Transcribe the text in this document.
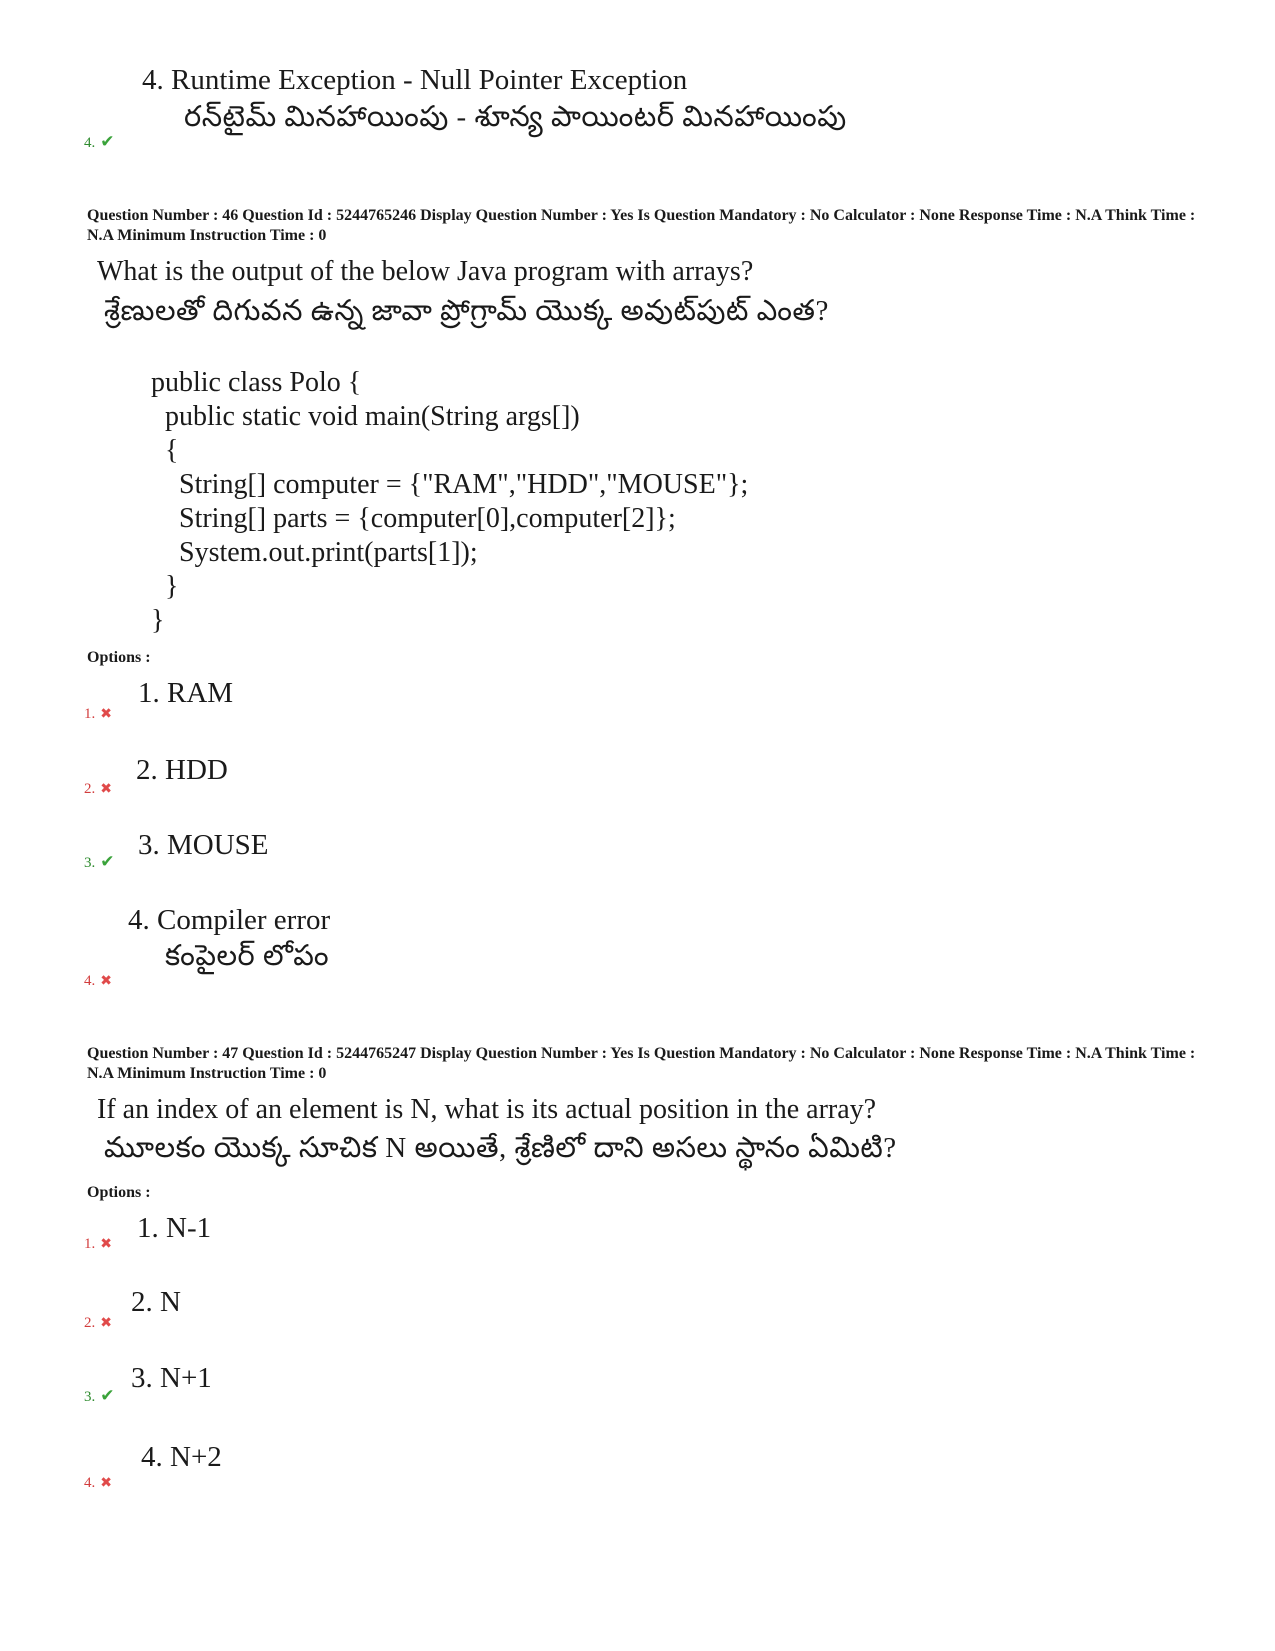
4. Runtime Exception - Null Pointer Exception
రన్‌టైమ్ మినహాయింపు - శూన్య పాయింటర్ మినహాయింపు
4. ✔
Question Number : 46 Question Id : 5244765246 Display Question Number : Yes Is Question Mandatory : No Calculator : None Response Time : N.A Think Time : N.A Minimum Instruction Time : 0
What is the output of the below Java program with arrays?
శ్రేణులతో దిగువన ఉన్న జావా ప్రోగ్రామ్ యొక్క అవుట్‌పుట్ ఎంత?
public class Polo {
public static void main(String args[])
{
String[] computer = {"RAM","HDD","MOUSE"};
String[] parts = {computer[0],computer[2]};
System.out.print(parts[1]);
}
}
Options :
1. RAM
1. ✖
2. HDD
2. ✖
3. MOUSE
3. ✔
4. Compiler error
కంపైలర్ లోపం
4. ✖
Question Number : 47 Question Id : 5244765247 Display Question Number : Yes Is Question Mandatory : No Calculator : None Response Time : N.A Think Time : N.A Minimum Instruction Time : 0
If an index of an element is N, what is its actual position in the array?
మూలకం యొక్క సూచిక N అయితే, శ్రేణిలో దాని అసలు స్థానం ఏమిటి?
Options :
1. N-1
1. ✖
2. N
2. ✖
3. N+1
3. ✔
4. N+2
4. ✖
